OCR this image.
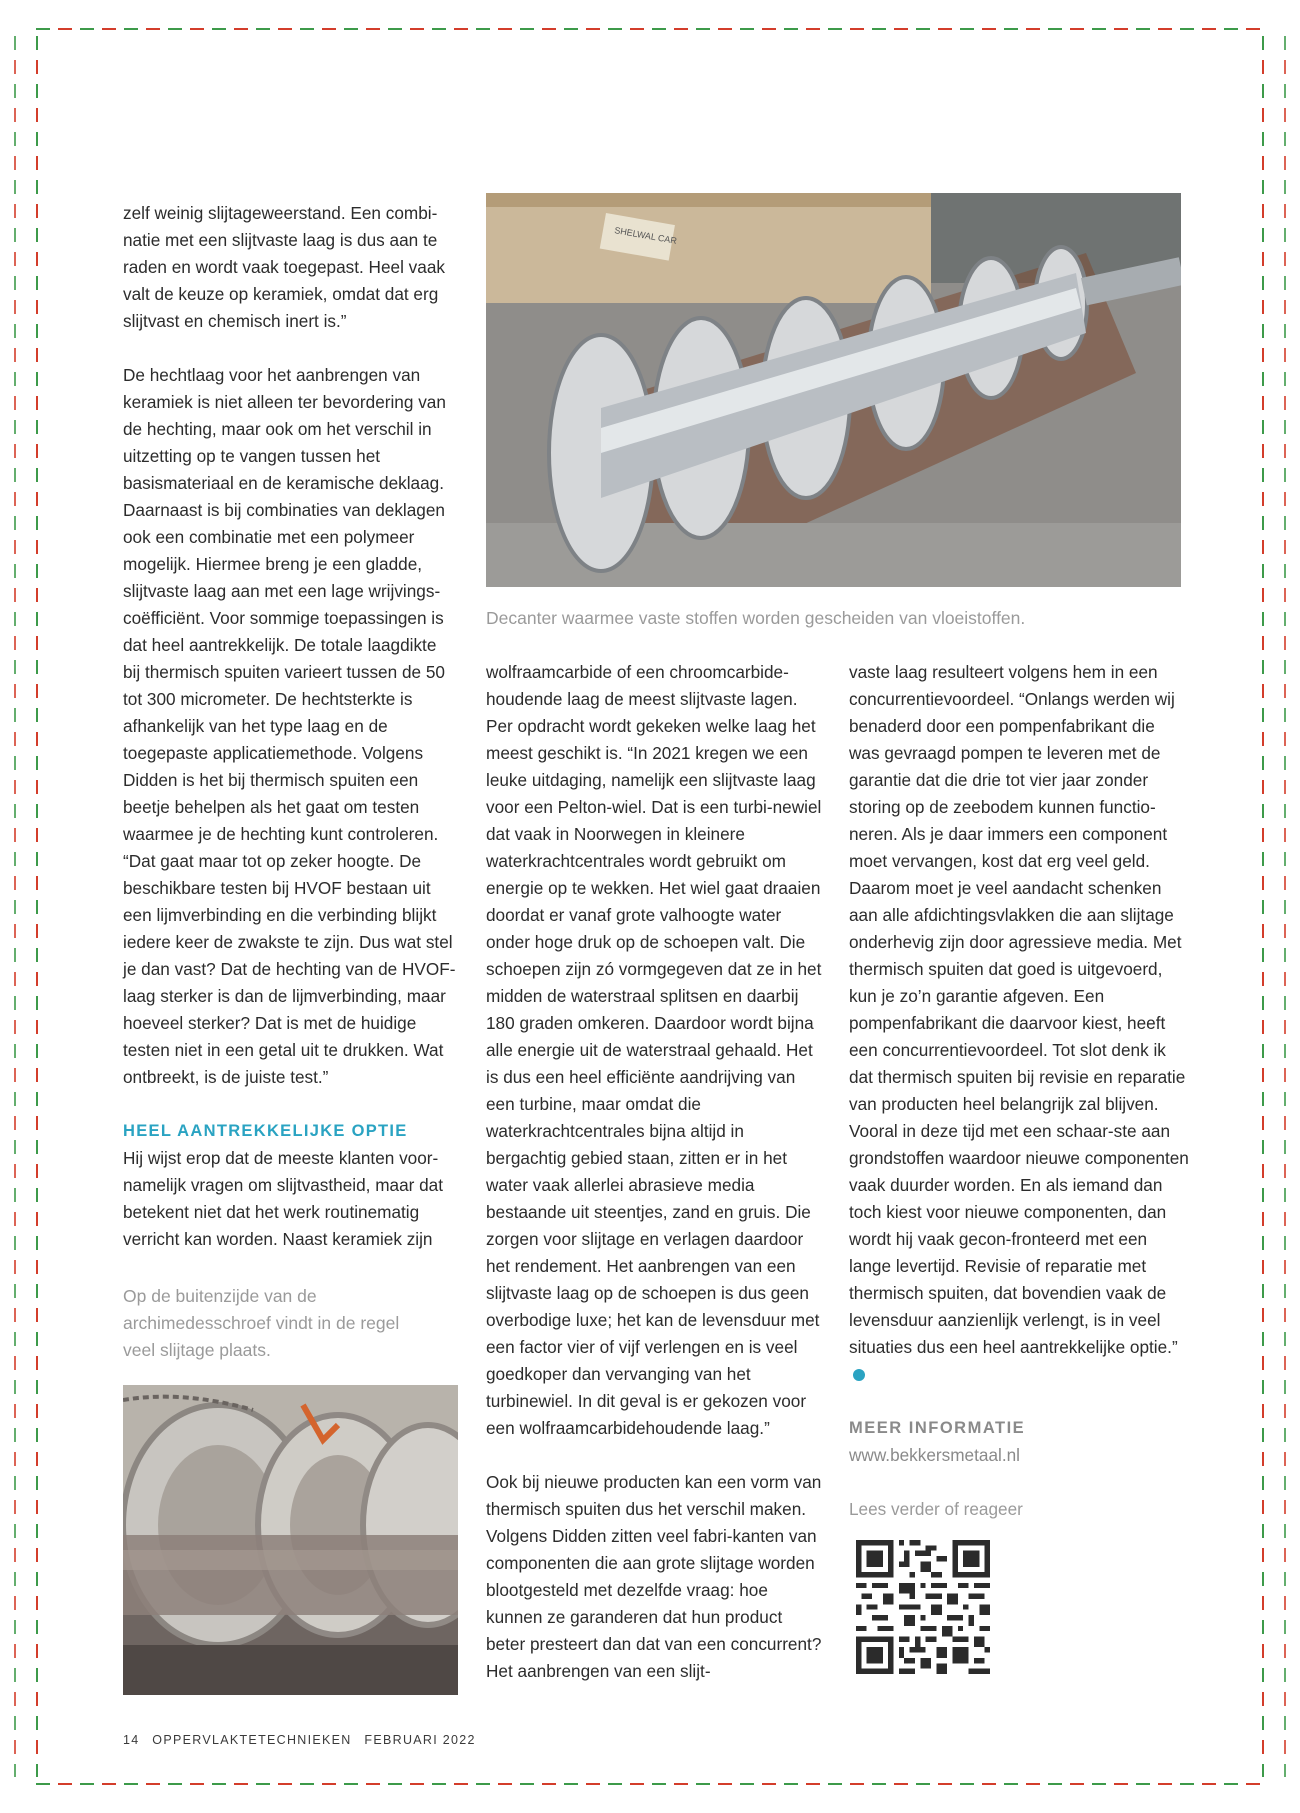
zelf weinig slijtageweerstand. Een combi-natie met een slijtvaste laag is dus aan te raden en wordt vaak toegepast. Heel vaak valt de keuze op keramiek, omdat dat erg slijtvast en chemisch inert is.”

De hechtlaag voor het aanbrengen van keramiek is niet alleen ter bevordering van de hechting, maar ook om het verschil in uitzetting op te vangen tussen het basismateriaal en de keramische deklaag. Daarnaast is bij combinaties van deklagen ook een combinatie met een polymeer mogelijk. Hiermee breng je een gladde, slijtvaste laag aan met een lage wrijvings-coëfficiënt. Voor sommige toepassingen is dat heel aantrekkelijk. De totale laagdikte bij thermisch spuiten varieert tussen de 50 tot 300 micrometer. De hechtsterkte is afhankelijk van het type laag en de toegepaste applicatiemethode. Volgens Didden is het bij thermisch spuiten een beetje behelpen als het gaat om testen waarmee je de hechting kunt controleren. “Dat gaat maar tot op zeker hoogte. De beschikbare testen bij HVOF bestaan uit een lijmverbinding en die verbinding blijkt iedere keer de zwakste te zijn. Dus wat stel je dan vast? Dat de hechting van de HVOF-laag sterker is dan de lijmverbinding, maar hoeveel sterker? Dat is met de huidige testen niet in een getal uit te drukken. Wat ontbreekt, is de juiste test.”

HEEL AANTREKKELIJKE OPTIE

Hij wijst erop dat de meeste klanten voor-namelijk vragen om slijtvastheid, maar dat betekent niet dat het werk routinematig verricht kan worden. Naast keramiek zijn

Op de buitenzijde van de archimedesschroef vindt in de regel veel slijtage plaats.
SHELWAL CAR
Decanter waarmee vaste stoffen worden gescheiden van vloeistoffen.

wolfraamcarbide of een chroomcarbide-houdende laag de meest slijtvaste lagen. Per opdracht wordt gekeken welke laag het meest geschikt is. “In 2021 kregen we een leuke uitdaging, namelijk een slijtvaste laag voor een Pelton-wiel. Dat is een turbi-newiel dat vaak in Noorwegen in kleinere waterkrachtcentrales wordt gebruikt om energie op te wekken. Het wiel gaat draaien doordat er vanaf grote valhoogte water onder hoge druk op de schoepen valt. Die schoepen zijn zó vormgegeven dat ze in het midden de waterstraal splitsen en daarbij 180 graden omkeren. Daardoor wordt bijna alle energie uit de waterstraal gehaald. Het is dus een heel efficiënte aandrijving van een turbine, maar omdat die waterkrachtcentrales bijna altijd in bergachtig gebied staan, zitten er in het water vaak allerlei abrasieve media bestaande uit steentjes, zand en gruis. Die zorgen voor slijtage en verlagen daardoor het rendement. Het aanbrengen van een slijtvaste laag op de schoepen is dus geen overbodige luxe; het kan de levensduur met een factor vier of vijf verlengen en is veel goedkoper dan vervanging van het turbinewiel. In dit geval is er gekozen voor een wolfraamcarbidehoudende laag.”

Ook bij nieuwe producten kan een vorm van thermisch spuiten dus het verschil maken. Volgens Didden zitten veel fabri-kanten van componenten die aan grote slijtage worden blootgesteld met dezelfde vraag: hoe kunnen ze garanderen dat hun product beter presteert dan dat van een concurrent? Het aanbrengen van een slijt-

vaste laag resulteert volgens hem in een concurrentievoordeel. “Onlangs werden wij benaderd door een pompenfabrikant die was gevraagd pompen te leveren met de garantie dat die drie tot vier jaar zonder storing op de zeebodem kunnen functio-neren. Als je daar immers een component moet vervangen, kost dat erg veel geld. Daarom moet je veel aandacht schenken aan alle afdichtingsvlakken die aan slijtage onderhevig zijn door agressieve media. Met thermisch spuiten dat goed is uitgevoerd, kun je zo’n garantie afgeven. Een pompenfabrikant die daarvoor kiest, heeft een concurrentievoordeel. Tot slot denk ik dat thermisch spuiten bij revisie en reparatie van producten heel belangrijk zal blijven. Vooral in deze tijd met een schaar-ste aan grondstoffen waardoor nieuwe componenten vaak duurder worden. En als iemand dan toch kiest voor nieuwe componenten, dan wordt hij vaak gecon-fronteerd met een lange levertijd. Revisie of reparatie met thermisch spuiten, dat bovendien vaak de levensduur aanzienlijk verlengt, is in veel situaties dus een heel aantrekkelijke optie.”

MEER INFORMATIE

www.bekkersmetaal.nl

Lees verder of reageer

14 OPPERVLAKTETECHNIEKEN FEBRUARI 2022
